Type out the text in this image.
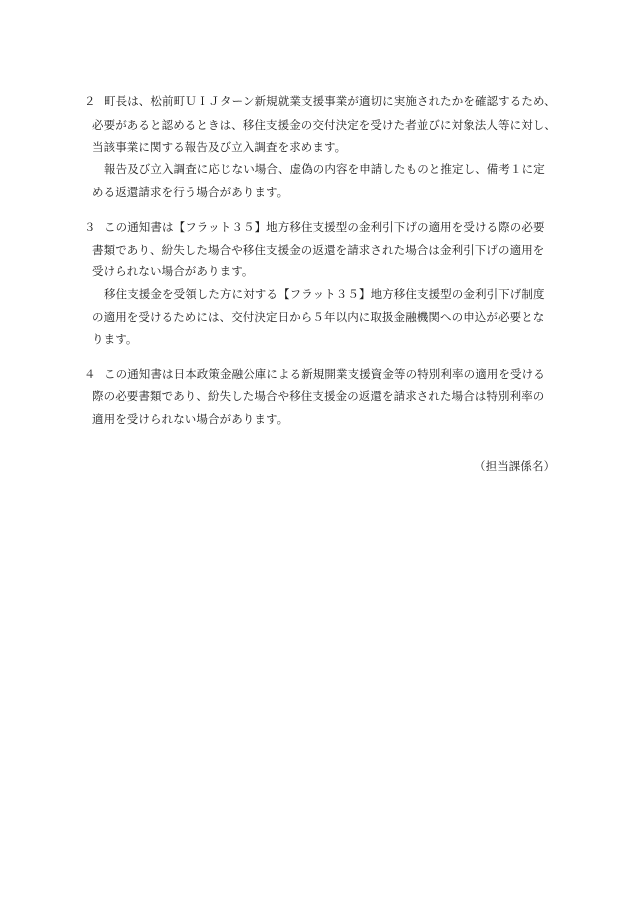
２ 町長は、松前町ＵＩＪターン新規就業支援事業が適切に実施されたかを確認するため、
必要があると認めるときは、移住支援金の交付決定を受けた者並びに対象法人等に対し、
当該事業に関する報告及び立入調査を求めます。
報告及び立入調査に応じない場合、虚偽の内容を申請したものと推定し、備考１に定
める返還請求を行う場合があります。
３ この通知書は【フラット３５】地方移住支援型の金利引下げの適用を受ける際の必要
書類であり、紛失した場合や移住支援金の返還を請求された場合は金利引下げの適用を
受けられない場合があります。
移住支援金を受領した方に対する【フラット３５】地方移住支援型の金利引下げ制度
の適用を受けるためには、交付決定日から５年以内に取扱金融機関への申込が必要とな
ります。
４ この通知書は日本政策金融公庫による新規開業支援資金等の特別利率の適用を受ける
際の必要書類であり、紛失した場合や移住支援金の返還を請求された場合は特別利率の
適用を受けられない場合があります。
（担当課係名）
